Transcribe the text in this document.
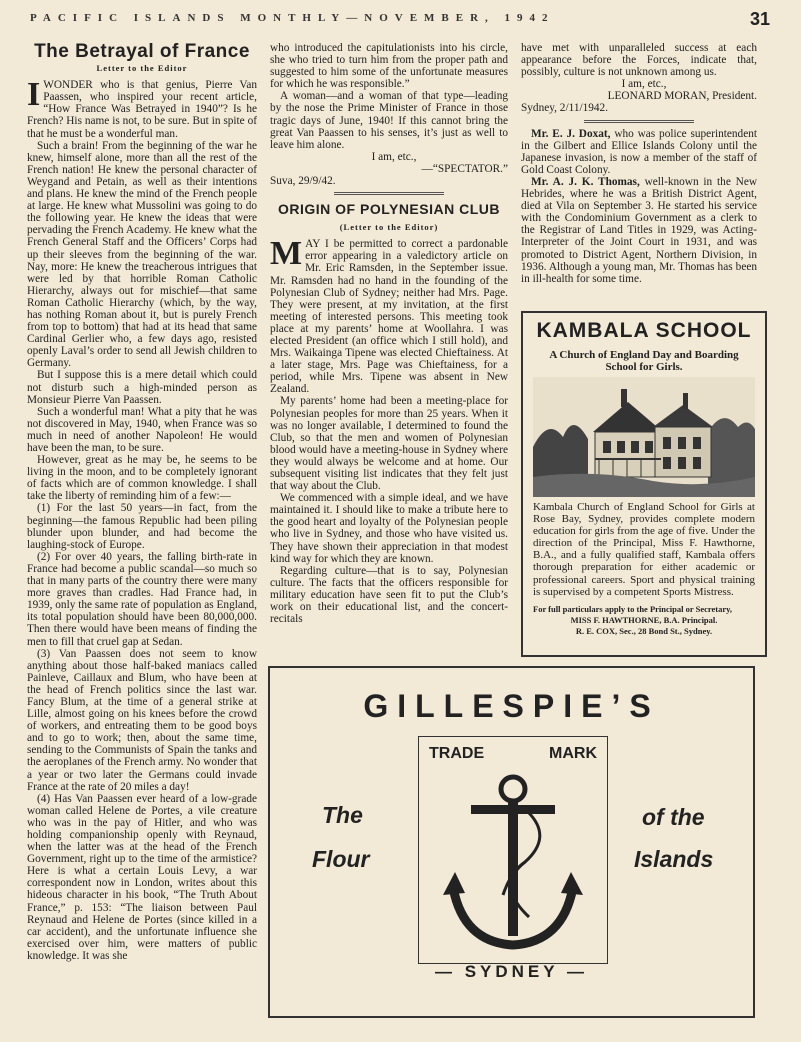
PACIFIC ISLANDS MONTHLY—NOVEMBER, 1942	31
The Betrayal of France
Letter to the Editor

IWONDER who is that genius, Pierre Van Paassen, who inspired your recent article, “How France Was Betrayed in 1940”? Is he French? His name is not, to be sure. But in spite of that he must be a wonderful man.

Such a brain! From the beginning of the war he knew, himself alone, more than all the rest of the French nation! He knew the personal character of Weygand and Petain, as well as their intentions and plans. He knew the mind of the French people at large. He knew what Mussolini was going to do the following year. He knew the ideas that were pervading the French Academy. He knew what the French General Staff and the Officers’ Corps had up their sleeves from the beginning of the war. Nay, more: He knew the treacherous intrigues that were led by that horrible Roman Catholic Hierarchy, always out for mischief—that same Roman Catholic Hierarchy (which, by the way, has nothing Roman about it, but is purely French from top to bottom) that had at its head that same Cardinal Gerlier who, a few days ago, resisted openly Laval’s order to send all Jewish children to Germany.

But I suppose this is a mere detail which could not disturb such a high-minded person as Monsieur Pierre Van Paassen.

Such a wonderful man! What a pity that he was not discovered in May, 1940, when France was so much in need of another Napoleon! He would have been the man, to be sure.

However, great as he may be, he seems to be living in the moon, and to be completely ignorant of facts which are of common knowledge. I shall take the liberty of reminding him of a few:—

(1) For the last 50 years—in fact, from the beginning—the famous Republic had been piling blunder upon blunder, and had become the laughing-stock of Europe.

(2) For over 40 years, the falling birth-rate in France had become a public scandal—so much so that in many parts of the country there were many more graves than cradles. Had France had, in 1939, only the same rate of population as England, its total population should have been 80,000,000. Then there would have been means of finding the men to fill that cruel gap at Sedan.

(3) Van Paassen does not seem to know anything about those half-baked maniacs called Painleve, Caillaux and Blum, who have been at the head of French politics since the last war. Fancy Blum, at the time of a general strike at Lille, almost going on his knees before the crowd of workers, and entreating them to be good boys and to go to work; then, about the same time, sending to the Communists of Spain the tanks and the aeroplanes of the French army. No wonder that a year or two later the Germans could invade France at the rate of 20 miles a day!

(4) Has Van Paassen ever heard of a low-grade woman called Helene de Portes, a vile creature who was in the pay of Hitler, and who was holding companionship openly with Reynaud, when the latter was at the head of the French Government, right up to the time of the armistice? Here is what a certain Louis Levy, a war correspondent now in London, writes about this hideous character in his book, “The Truth About France,” p. 153: “The liaison between Paul Reynaud and Helene de Portes (since killed in a car accident), and the unfortunate influence she exercised over him, were matters of public knowledge. It was she

who introduced the capitulationists into his circle, she who tried to turn him from the proper path and suggested to him some of the unfortunate measures for which he was responsible.”

A woman—and a woman of that type—leading by the nose the Prime Minister of France in those tragic days of June, 1940! If this cannot bring the great Van Paassen to his senses, it’s just as well to leave him alone.

I am, etc.,

—“SPECTATOR.”

Suva, 29/9/42.

ORIGIN OF POLYNESIAN CLUB
(Letter to the Editor)

MAY I be permitted to correct a pardonable error appearing in a valedictory article on Mr. Eric Ramsden, in the September issue. Mr. Ramsden had no hand in the founding of the Polynesian Club of Sydney; neither had Mrs. Page. They were present, at my invitation, at the first meeting of interested persons. This meeting took place at my parents’ home at Woollahra. I was elected President (an office which I still hold), and Mrs. Waikainga Tipene was elected Chieftainess. At a later stage, Mrs. Page was Chieftainess, for a period, while Mrs. Tipene was absent in New Zealand.

My parents’ home had been a meeting-place for Polynesian peoples for more than 25 years. When it was no longer available, I determined to found the Club, so that the men and women of Polynesian blood would have a meeting-house in Sydney where they would always be welcome and at home. Our subsequent visiting list indicates that they felt just that way about the Club.

We commenced with a simple ideal, and we have maintained it. I should like to make a tribute here to the good heart and loyalty of the Polynesian people who live in Sydney, and those who have visited us. They have shown their appreciation in that modest kind way for which they are known.

Regarding culture—that is to say, Polynesian culture. The facts that the officers responsible for military education have seen fit to put the Club’s work on their educational list, and the concert-recitals

have met with unparalleled success at each appearance before the Forces, indicate that, possibly, culture is not unknown among us.

I am, etc.,

LEONARD MORAN, President.

Sydney, 2/11/1942.

Mr. E. J. Doxat, who was police superintendent in the Gilbert and Ellice Islands Colony until the Japanese invasion, is now a member of the staff of Gold Coast Colony.

Mr. A. J. K. Thomas, well-known in the New Hebrides, where he was a British District Agent, died at Vila on September 3. He started his service with the Condominium Government as a clerk to the Registrar of Land Titles in 1929, was Acting-Interpreter of the Joint Court in 1931, and was promoted to District Agent, Northern Division, in 1936. Although a young man, Mr. Thomas has been in ill-health for some time.

KAMBALA SCHOOL
A Church of England Day and Boarding School for Girls.

Kambala Church of England School for Girls at Rose Bay, Sydney, provides complete modern education for girls from the age of five. Under the direction of the Principal, Miss F. Hawthorne, B.A., and a fully qualified staff, Kambala offers thorough preparation for either academic or professional careers. Sport and physical training is supervised by a competent Sports Mistress.

For full particulars apply to the Principal or Secretary,

MISS F. HAWTHORNE, B.A. Principal.
R. E. COX, Sec., 28 Bond St., Sydney.

GILLESPIE’S
TRADE	MARK
The
Flour
of the
Islands
— SYDNEY —
